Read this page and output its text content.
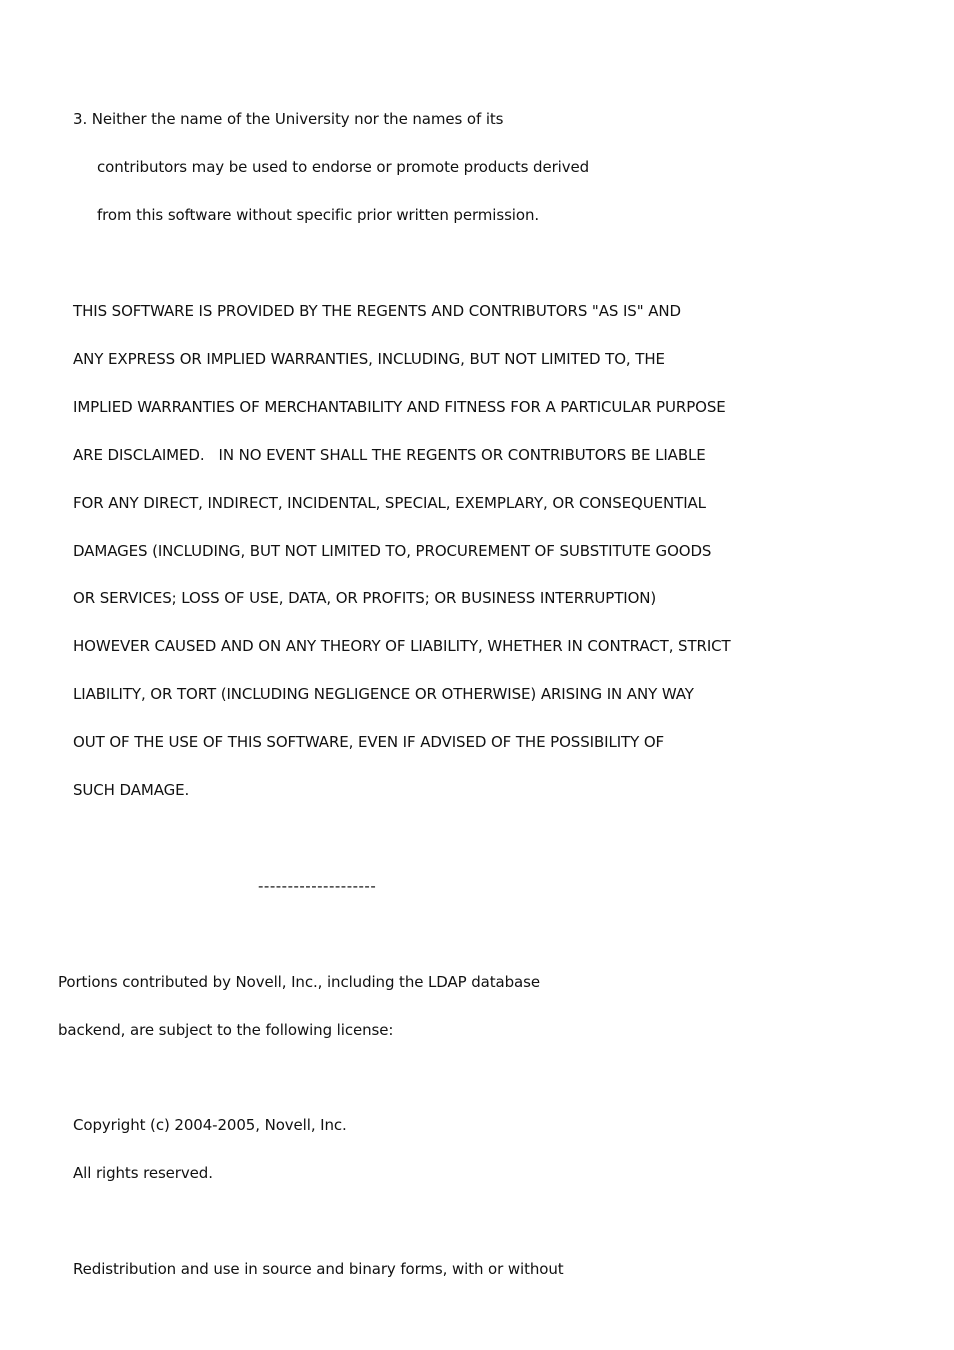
3. Neither the name of the University nor the names of its
contributors may be used to endorse or promote products derived
from this software without specific prior written permission.
THIS SOFTWARE IS PROVIDED BY THE REGENTS AND CONTRIBUTORS "AS IS" AND
ANY EXPRESS OR IMPLIED WARRANTIES, INCLUDING, BUT NOT LIMITED TO, THE
IMPLIED WARRANTIES OF MERCHANTABILITY AND FITNESS FOR A PARTICULAR PURPOSE
ARE DISCLAIMED.   IN NO EVENT SHALL THE REGENTS OR CONTRIBUTORS BE LIABLE
FOR ANY DIRECT, INDIRECT, INCIDENTAL, SPECIAL, EXEMPLARY, OR CONSEQUENTIAL
DAMAGES (INCLUDING, BUT NOT LIMITED TO, PROCUREMENT OF SUBSTITUTE GOODS
OR SERVICES; LOSS OF USE, DATA, OR PROFITS; OR BUSINESS INTERRUPTION)
HOWEVER CAUSED AND ON ANY THEORY OF LIABILITY, WHETHER IN CONTRACT, STRICT
LIABILITY, OR TORT (INCLUDING NEGLIGENCE OR OTHERWISE) ARISING IN ANY WAY
OUT OF THE USE OF THIS SOFTWARE, EVEN IF ADVISED OF THE POSSIBILITY OF
SUCH DAMAGE.
--------------------
Portions contributed by Novell, Inc., including the LDAP database
backend, are subject to the following license:
Copyright (c) 2004-2005, Novell, Inc.
All rights reserved.
Redistribution and use in source and binary forms, with or without
